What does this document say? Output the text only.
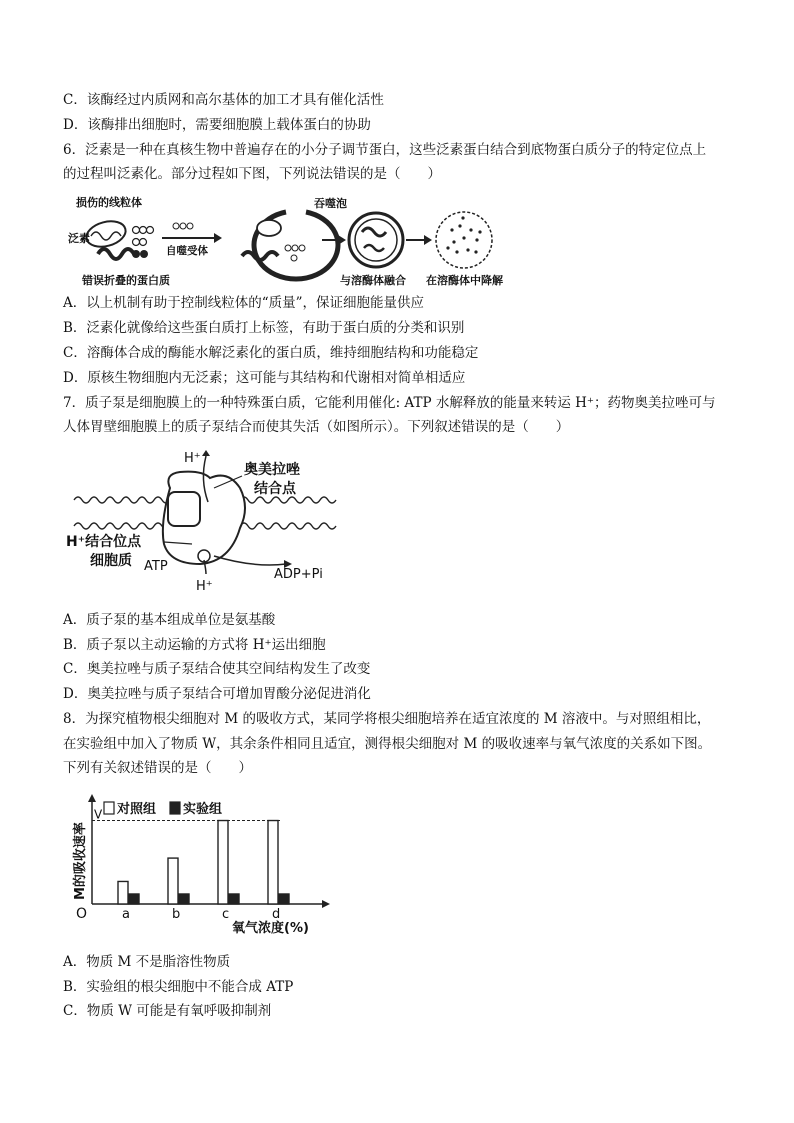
C．该酶经过内质网和高尔基体的加工才具有催化活性
D．该酶排出细胞时，需要细胞膜上载体蛋白的协助
6．泛素是一种在真核生物中普遍存在的小分子调节蛋白，这些泛素蛋白结合到底物蛋白质分子的特定位点上
的过程叫泛素化。部分过程如下图，下列说法错误的是（　　）
损伤的线粒体
泛素
错误折叠的蛋白质
自噬受体
吞噬泡
与溶酶体融合 在溶酶体中降解
A．以上机制有助于控制线粒体的“质量”，保证细胞能量供应
B．泛素化就像给这些蛋白质打上标签，有助于蛋白质的分类和识别
C．溶酶体合成的酶能水解泛素化的蛋白质，维持细胞结构和功能稳定
D．原核生物细胞内无泛素；这可能与其结构和代谢相对简单相适应
7．质子泵是细胞膜上的一种特殊蛋白质，它能利用催化: ATP 水解释放的能量来转运 H⁺；药物奥美拉唑可与
人体胃壁细胞膜上的质子泵结合而使其失活（如图所示）。下列叙述错误的是（　　）
H⁺
奥美拉唑
结合点
H⁺结合位点
细胞质 ATP
H⁺
ADP+Pi
A．质子泵的基本组成单位是氨基酸
B．质子泵以主动运输的方式将 H⁺运出细胞
C．奥美拉唑与质子泵结合使其空间结构发生了改变
D．奥美拉唑与质子泵结合可增加胃酸分泌促进消化
8．为探究植物根尖细胞对 M 的吸收方式，某同学将根尖细胞培养在适宜浓度的 M 溶液中。与对照组相比，
在实验组中加入了物质 W，其余条件相同且适宜，测得根尖细胞对 M 的吸收速率与氧气浓度的关系如下图。
下列有关叙述错误的是（　　）
V
a	b	c	d
O
氧气浓度(%)
M的吸收速率
对照组 实验组
A．物质 M 不是脂溶性物质
B．实验组的根尖细胞中不能合成 ATP
C．物质 W 可能是有氧呼吸抑制剂
